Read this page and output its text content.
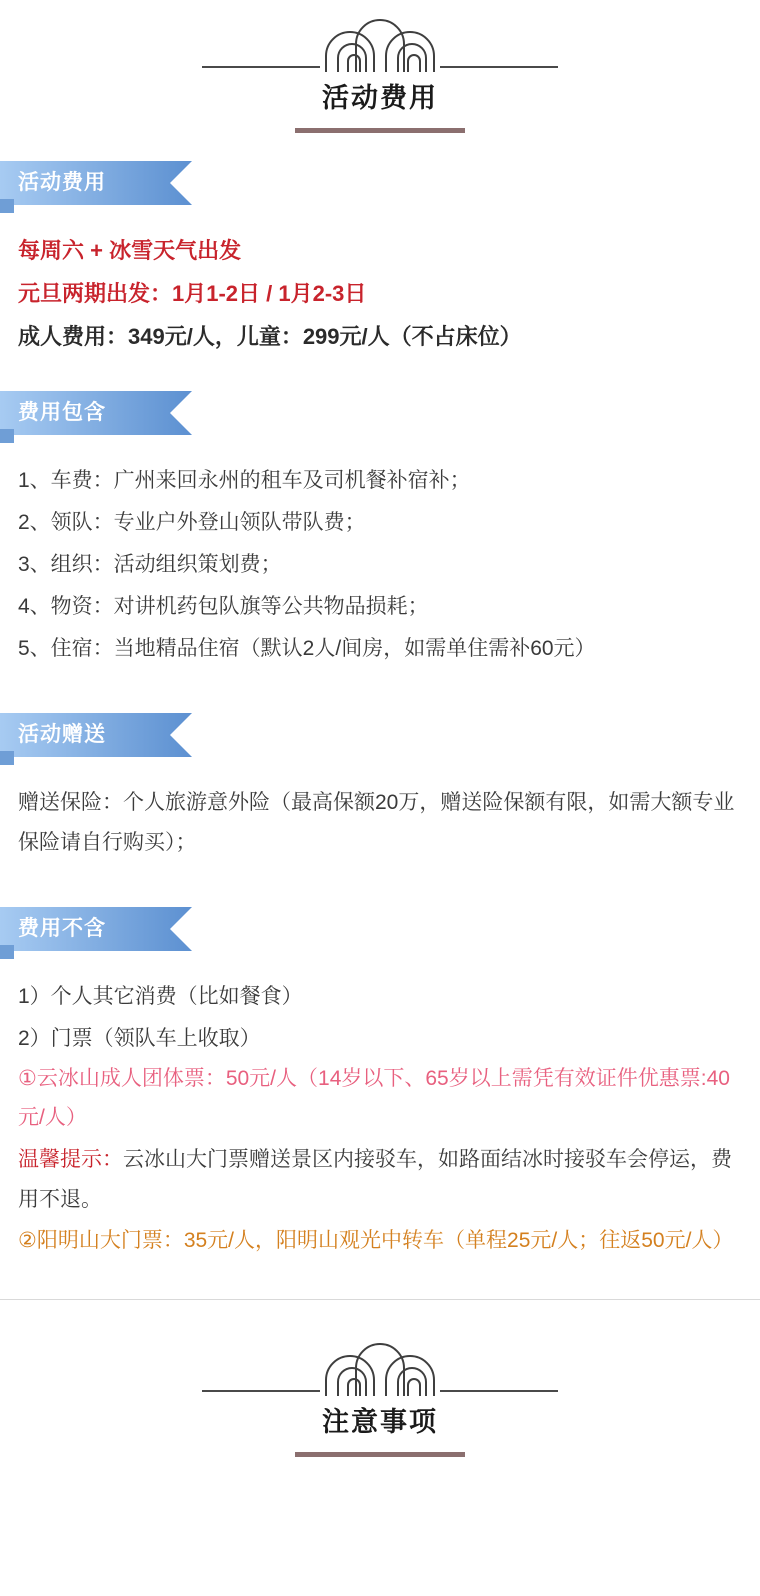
活动费用
活动费用

每周六 + 冰雪天气出发

元旦两期出发：1月1-2日 / 1月2-3日

成人费用：349元/人，儿童：299元/人（不占床位）

费用包含

1、车费：广州来回永州的租车及司机餐补宿补；

2、领队：专业户外登山领队带队费；

3、组织：活动组织策划费；

4、物资：对讲机药包队旗等公共物品损耗；

5、住宿：当地精品住宿（默认2人/间房，如需单住需补60元）

活动赠送

赠送保险：个人旅游意外险（最高保额20万，赠送险保额有限，如需大额专业保险请自行购买）；

费用不含

1）个人其它消费（比如餐食）

2）门票（领队车上收取）

①云冰山成人团体票：50元/人（14岁以下、65岁以上需凭有效证件优惠票:40元/人）

温馨提示：云冰山大门票赠送景区内接驳车，如路面结冰时接驳车会停运，费用不退。

②阳明山大门票：35元/人，阳明山观光中转车（单程25元/人；往返50元/人）

注意事项
